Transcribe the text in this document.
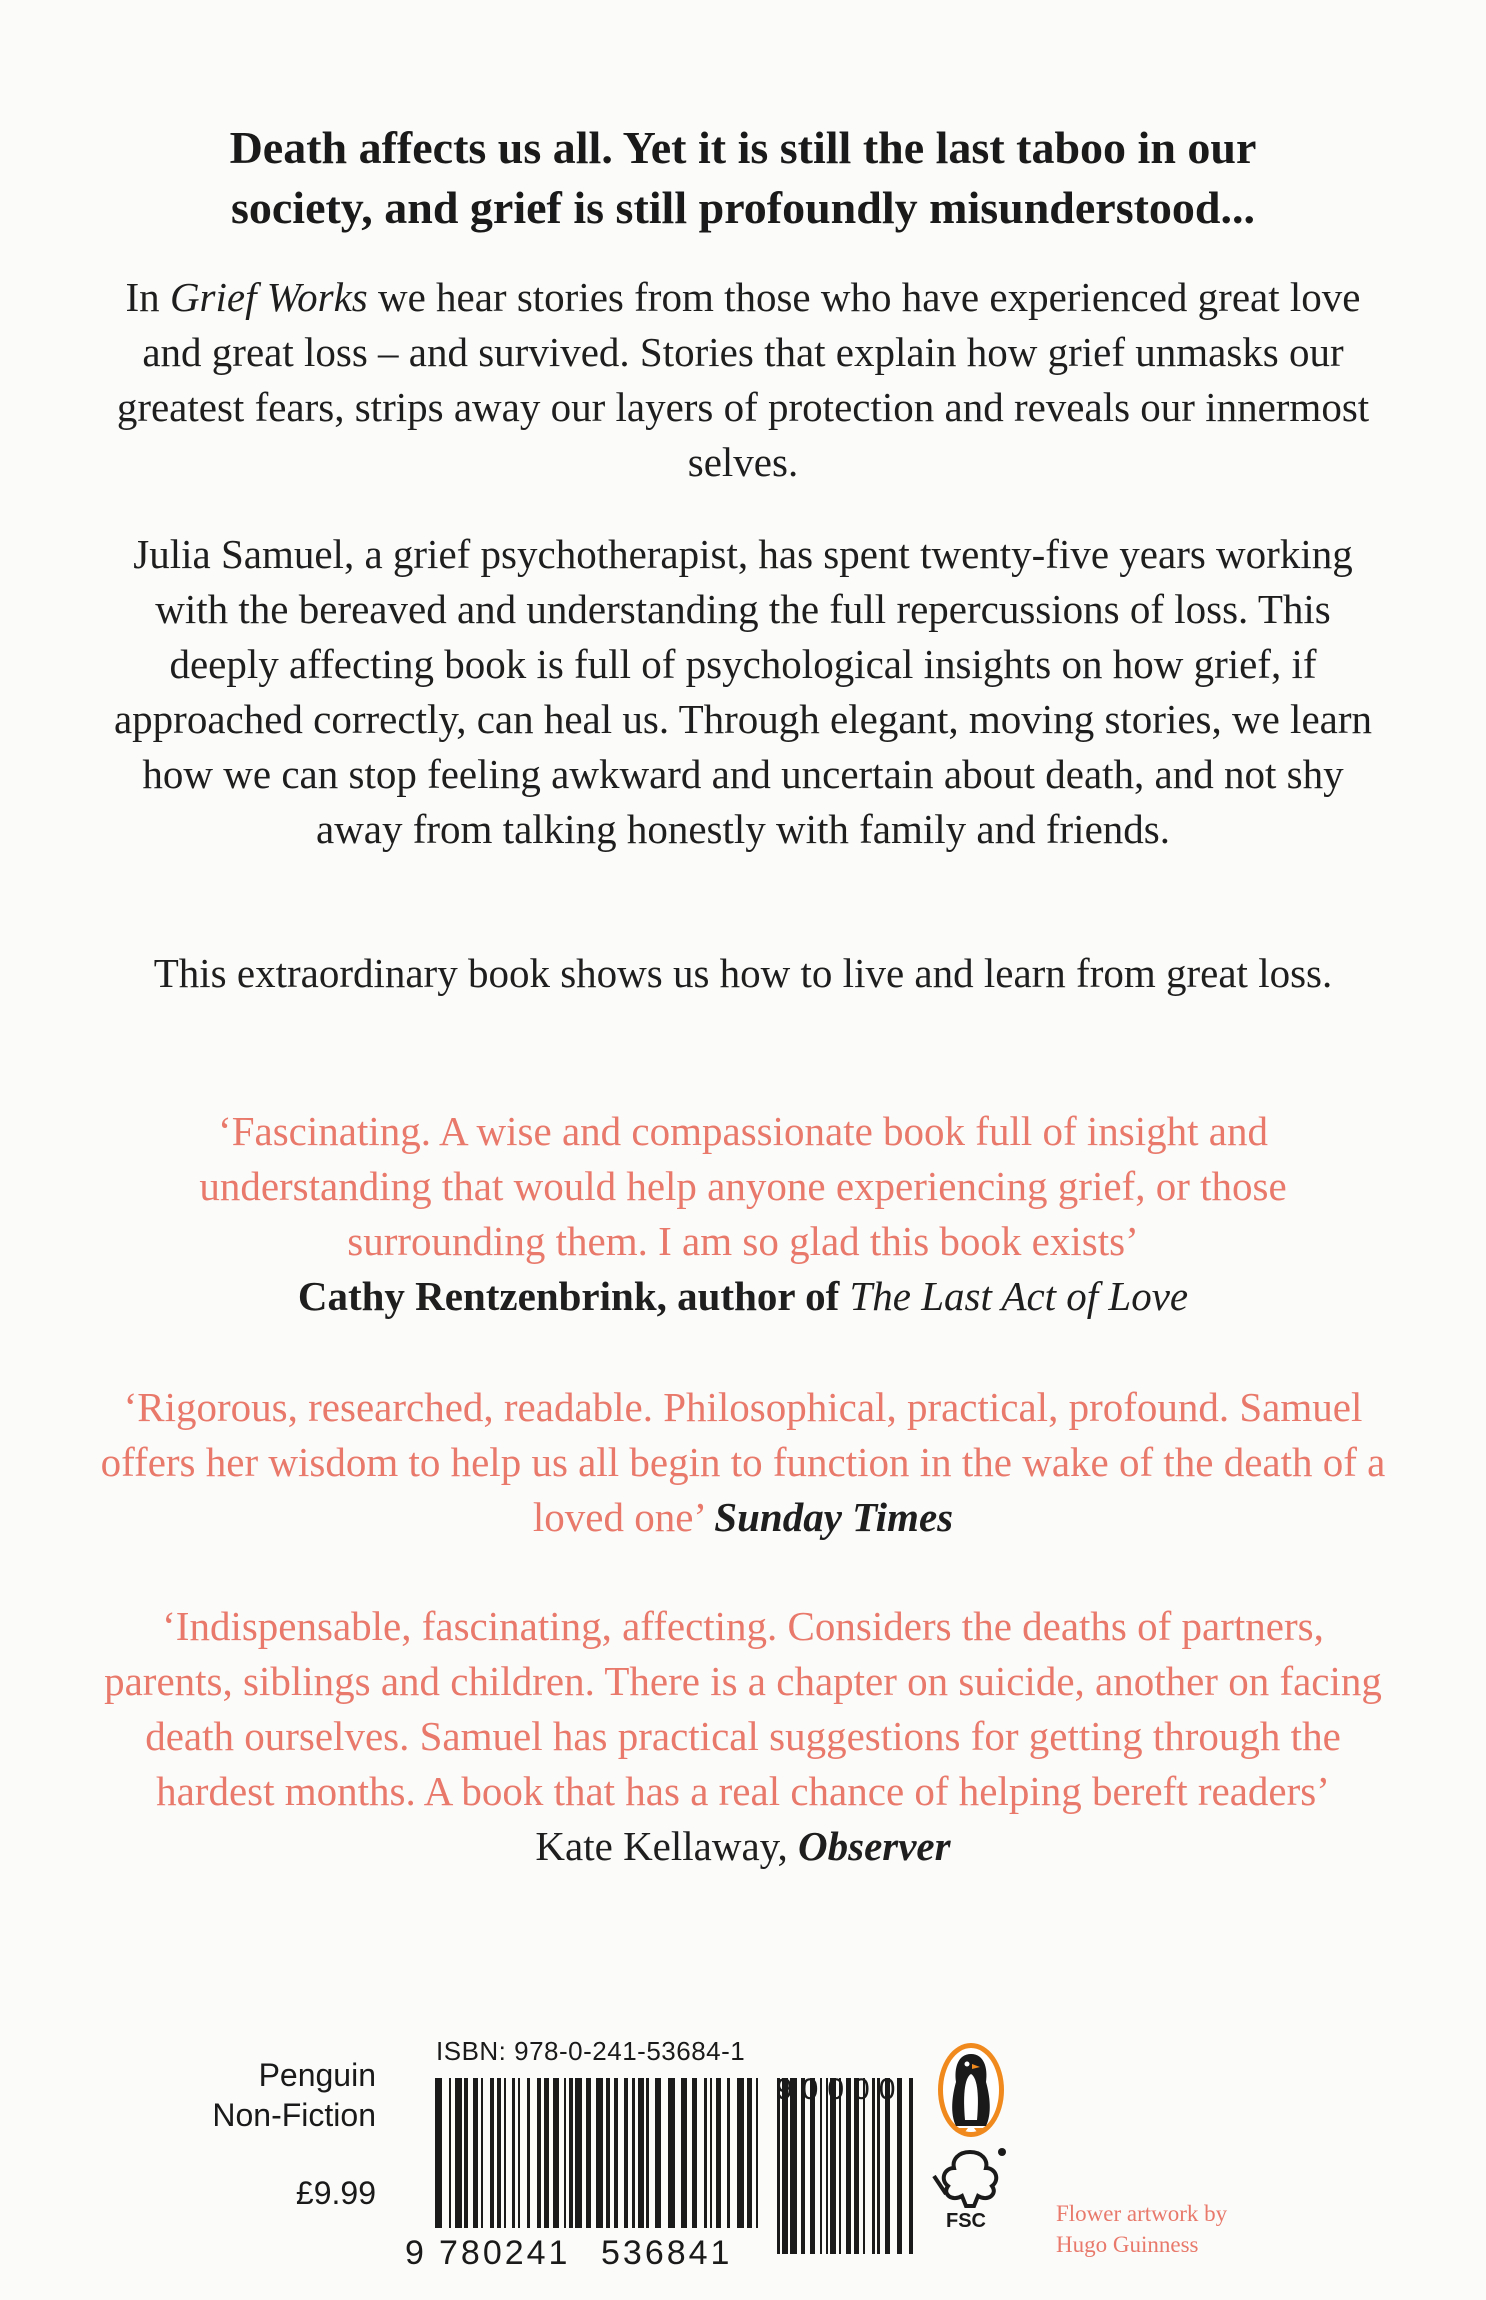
Death affects us all. Yet it is still the last taboo in our
society, and grief is still profoundly misunderstood...
In Grief Works we hear stories from those who have experienced great love and great loss – and survived. Stories that explain how grief unmasks our greatest fears, strips away our layers of protection and reveals our innermost selves.
Julia Samuel, a grief psychotherapist, has spent twenty-five years working with the bereaved and understanding the full repercussions of loss. This deeply affecting book is full of psychological insights on how grief, if approached correctly, can heal us. Through elegant, moving stories, we learn how we can stop feeling awkward and uncertain about death, and not shy away from talking honestly with family and friends.
This extraordinary book shows us how to live and learn from great loss.
‘Fascinating. A wise and compassionate book full of insight and understanding that would help anyone experiencing grief, or those surrounding them. I am so glad this book exists’
Cathy Rentzenbrink, author of The Last Act of Love
‘Rigorous, researched, readable. Philosophical, practical, profound. Samuel offers her wisdom to help us all begin to function in the wake of the death of a loved one’ Sunday Times
‘Indispensable, fascinating, affecting. Considers the deaths of partners, parents, siblings and children. There is a chapter on suicide, another on facing death ourselves. Samuel has practical suggestions for getting through the hardest months. A book that has a real chance of helping bereft readers’
Kate Kellaway, Observer
Penguin
Non-Fiction
£9.99
ISBN: 978-0-241-53684-1
9 780241 536841
90000
FSC	Flower artwork by
Hugo Guinness
